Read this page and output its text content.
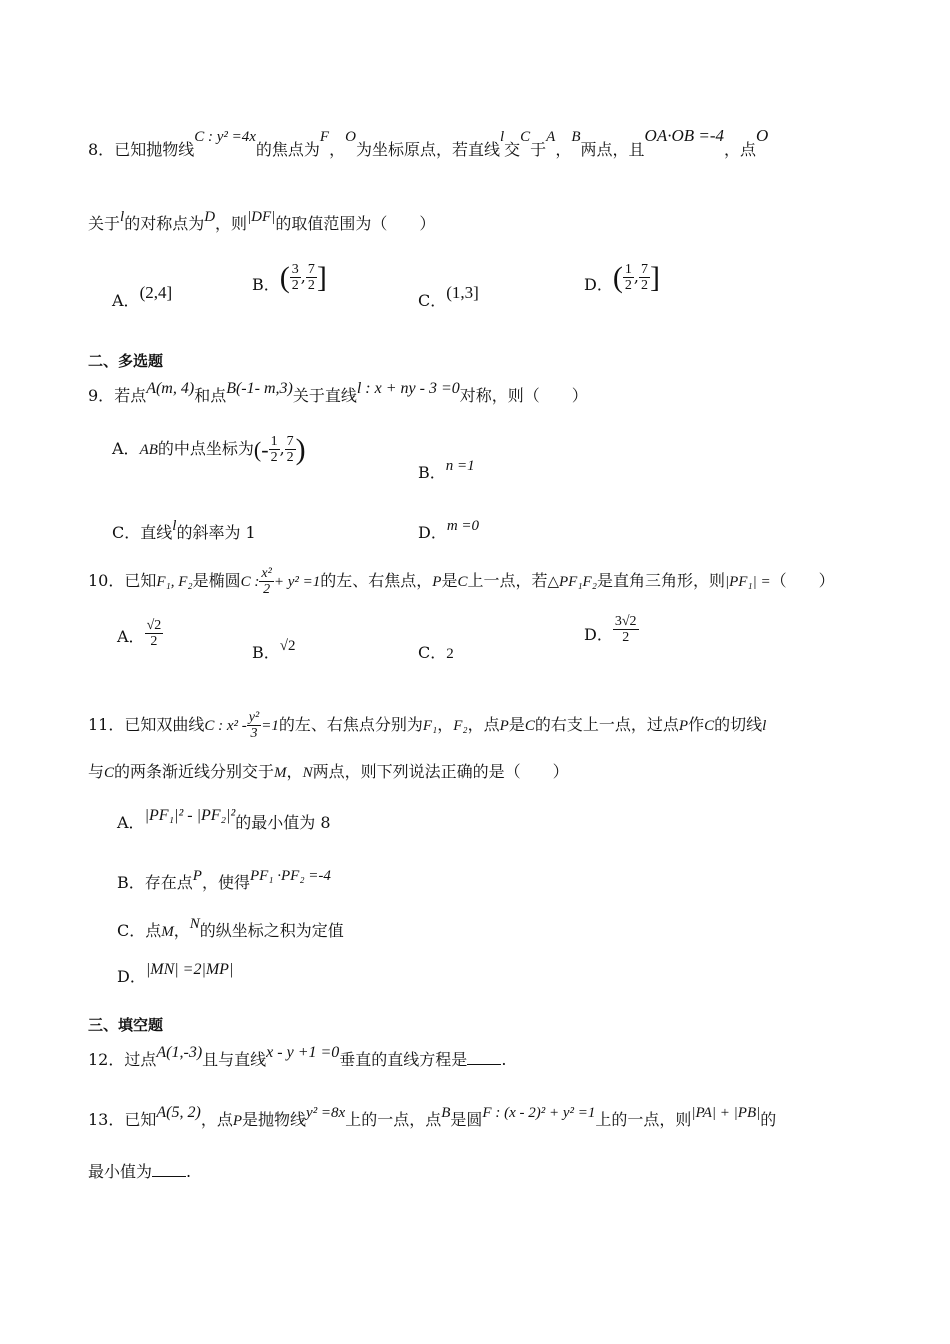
8．已知抛物线C : y² =4x的焦点为F，O为坐标原点，若直线l交C于A，B两点，且OA·OB =-4，点O
关于l的对称点为D，则|DF|的取值范围为（　　）
A．(2,4]	B．( $\frac{3}{2}$ , $\frac{7}{2}$ ]
C．(1,3]	D．( $\frac{1}{2}$ , $\frac{7}{2}$ ]
二、多选题
9．若点A(m, 4)和点B(-1- m,3)关于直线l : x + ny - 3 =0对称，则（　　）
A．AB的中点坐标为(- $\frac{1}{2}$ , $\frac{7}{2}$ )
B．n =1
C．直线l的斜率为 1	D．m =0
10．已知F₁, F₂是椭圆C : $\frac{\text{x²}}{2} + y^2 =1$的左、右焦点，P是C上一点，若△PF₁F₂是直角三角形，则|PF₁| =（　　）
A． $\frac{√2}{2}$
B．√2	C．2
D． $\frac{3√2}{2}$
11．已知双曲线C : $x^2 - \frac{\text{y²}}{3} =1$的左、右焦点分别为F₁，F₂，点P是C的右支上一点，过点P作C的切线l
与C的两条渐近线分别交于M，N两点，则下列说法正确的是（　　）
A．|PF₁|² - |PF₂|²的最小值为 8
B．存在点P，使得PF₁ ·PF₂ =-4
C．点M，N的纵坐标之积为定值
D．|MN| =2|MP|
三、填空题
12．过点A(1,-3)且与直线x - y +1 =0垂直的直线方程是 .
13．已知A(5, 2)，点P是抛物线y² =8x上的一点，点B是圆F : (x - 2)² + y² =1上的一点，则|PA| + |PB|的
最小值为 .
